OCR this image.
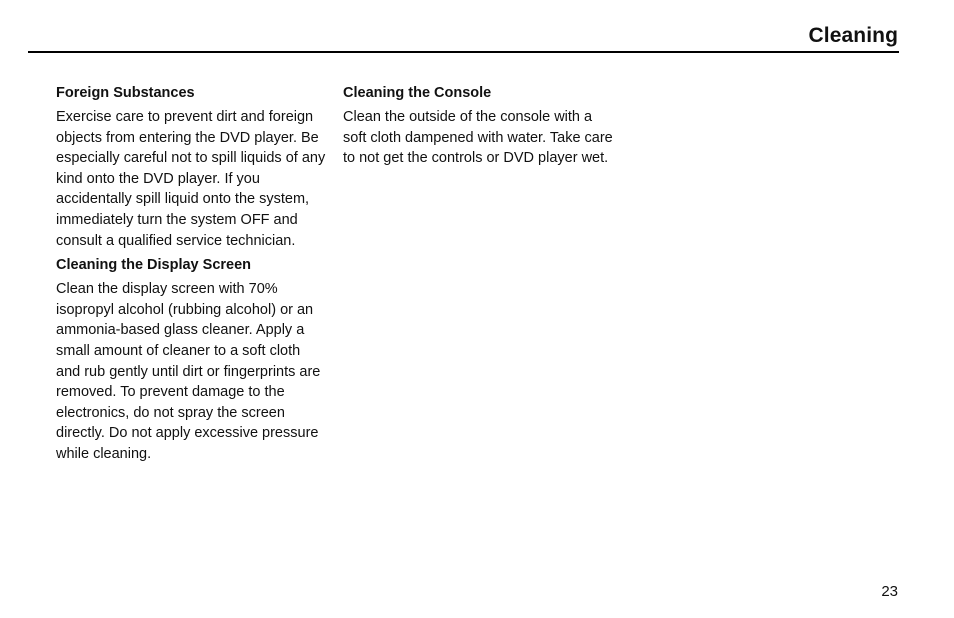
Cleaning
Foreign Substances
Exercise care to prevent dirt and foreign objects from entering the DVD player. Be especially careful not to spill liquids of any kind onto the DVD player. If you accidentally spill liquid onto the system, immediately turn the system OFF and consult a qualified service technician.
Cleaning the Display Screen
Clean the display screen with 70% isopropyl alcohol (rubbing alcohol) or an ammonia-based glass cleaner. Apply a small amount of cleaner to a soft cloth and rub gently until dirt or fingerprints are removed. To prevent damage to the electronics, do not spray the screen directly. Do not apply excessive pressure while cleaning.
Cleaning the Console
Clean the outside of the console with a soft cloth dampened with water. Take care to not get the controls or DVD player wet.
23
